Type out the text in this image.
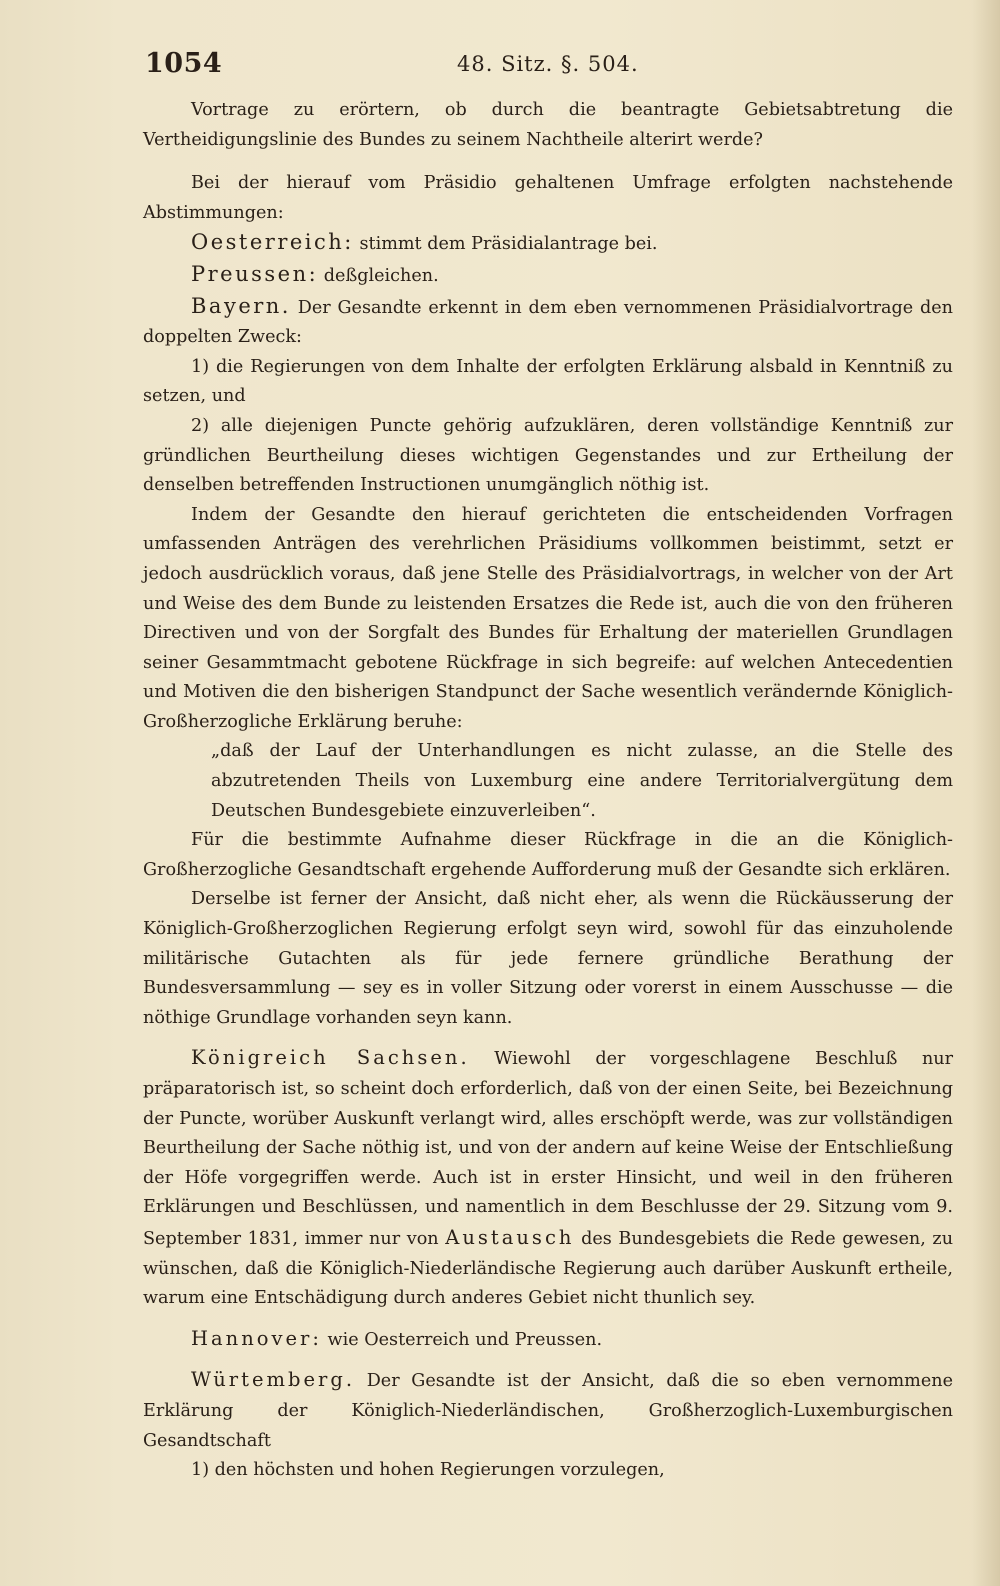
1054	48. Sitz. §. 504.

Vortrage zu erörtern, ob durch die beantragte Gebietsabtretung die Vertheidigungslinie des Bundes zu seinem Nachtheile alterirt werde?

Bei der hierauf vom Präsidio gehaltenen Umfrage erfolgten nachstehende Abstimmungen:

Oesterreich: stimmt dem Präsidialantrage bei.

Preussen: deßgleichen.

Bayern. Der Gesandte erkennt in dem eben vernommenen Präsidialvortrage den doppelten Zweck:

1) die Regierungen von dem Inhalte der erfolgten Erklärung alsbald in Kenntniß zu setzen, und

2) alle diejenigen Puncte gehörig aufzuklären, deren vollständige Kenntniß zur gründlichen Beurtheilung dieses wichtigen Gegenstandes und zur Ertheilung der denselben betreffenden Instructionen unumgänglich nöthig ist.

Indem der Gesandte den hierauf gerichteten die entscheidenden Vorfragen umfassenden Anträgen des verehrlichen Präsidiums vollkommen beistimmt, setzt er jedoch ausdrücklich voraus, daß jene Stelle des Präsidialvortrags, in welcher von der Art und Weise des dem Bunde zu leistenden Ersatzes die Rede ist, auch die von den früheren Directiven und von der Sorgfalt des Bundes für Erhaltung der materiellen Grundlagen seiner Gesammtmacht gebotene Rückfrage in sich begreife: auf welchen Antecedentien und Motiven die den bisherigen Standpunct der Sache wesentlich verändernde Königlich-Großherzogliche Erklärung beruhe:

„daß der Lauf der Unterhandlungen es nicht zulasse, an die Stelle des abzutretenden Theils von Luxemburg eine andere Territorialvergütung dem Deutschen Bundesgebiete einzuverleiben“.

Für die bestimmte Aufnahme dieser Rückfrage in die an die Königlich-Großherzogliche Gesandtschaft ergehende Aufforderung muß der Gesandte sich erklären.

Derselbe ist ferner der Ansicht, daß nicht eher, als wenn die Rückäusserung der Königlich-Großherzoglichen Regierung erfolgt seyn wird, sowohl für das einzuholende militärische Gutachten als für jede fernere gründliche Berathung der Bundesversammlung — sey es in voller Sitzung oder vorerst in einem Ausschusse — die nöthige Grundlage vorhanden seyn kann.

Königreich Sachsen. Wiewohl der vorgeschlagene Beschluß nur präparatorisch ist, so scheint doch erforderlich, daß von der einen Seite, bei Bezeichnung der Puncte, worüber Auskunft verlangt wird, alles erschöpft werde, was zur vollständigen Beurtheilung der Sache nöthig ist, und von der andern auf keine Weise der Entschließung der Höfe vorgegriffen werde. Auch ist in erster Hinsicht, und weil in den früheren Erklärungen und Beschlüssen, und namentlich in dem Beschlusse der 29. Sitzung vom 9. September 1831, immer nur von Austausch des Bundesgebiets die Rede gewesen, zu wünschen, daß die Königlich-Niederländische Regierung auch darüber Auskunft ertheile, warum eine Entschädigung durch anderes Gebiet nicht thunlich sey.

Hannover: wie Oesterreich und Preussen.

Würtemberg. Der Gesandte ist der Ansicht, daß die so eben vernommene Erklärung der Königlich-Niederländischen, Großherzoglich-Luxemburgischen Gesandtschaft

1) den höchsten und hohen Regierungen vorzulegen,
